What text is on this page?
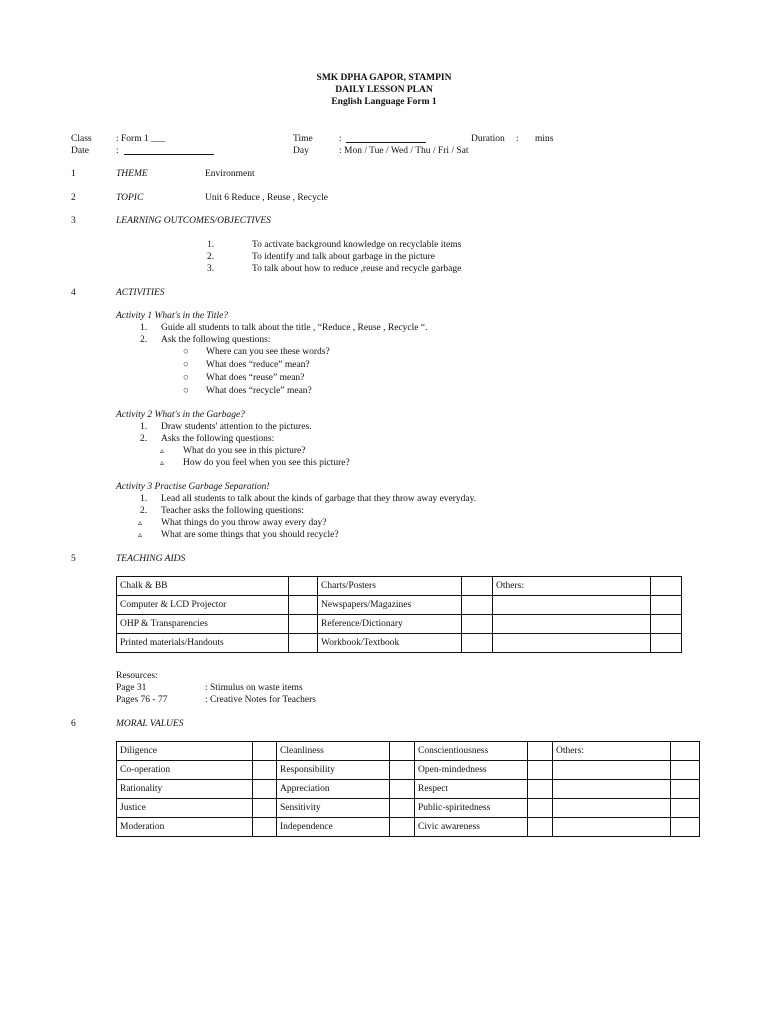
SMK DPHA GAPOR, STAMPIN
DAILY LESSON PLAN
English Language Form 1
Class	: Form 1 ___
Date	:
Time	:
Day	: Mon / Tue / Wed / Thu / Fri / Sat
Duration : mins
1	THEME	Environment
2	TOPIC	Unit 6 Reduce , Reuse , Recycle
3	LEARNING OUTCOMES/OBJECTIVES
1.	To activate background knowledge on recyclable items
2.	To identify and talk about garbage in the picture
3.	To talk about how to reduce ,reuse and recycle garbage
4	ACTIVITIES
Activity 1 What's in the Title?
1. Guide all students to talk about the title , “Reduce , Reuse , Recycle “.
2. Ask the following questions:
○ Where can you see these words?
○ What does “reduce” mean?
○ What does “reuse” mean?
○ What does “recycle” mean?
Activity 2 What's in the Garbage?
1. Draw students' attention to the pictures.
2. Asks the following questions:
▵ What do you see in this picture?
▵ How do you feel when you see this picture?
Activity 3 Practise Garbage Separation!
1. Lead all students to talk about the kinds of garbage that they throw away everyday.
2. Teacher asks the following questions:
▵ What things do you throw away every day?
▵ What are some things that you should recycle?
5	TEACHING AIDS
Chalk & BB		Charts/Posters		Others:	
Computer & LCD Projector		Newspapers/Magazines			
OHP & Transparencies		Reference/Dictionary			
Printed materials/Handouts		Workbook/Textbook			
Resources:
Page 31	: Stimulus on waste items
Pages 76 - 77	: Creative Notes for Teachers
6	MORAL VALUES
Diligence		Cleanliness		Conscientiousness		Others:	
Co-operation		Responsibility		Open-mindedness			
Rationality		Appreciation		Respect			
Justice		Sensitivity		Public-spiritedness			
Moderation		Independence		Civic awareness			
